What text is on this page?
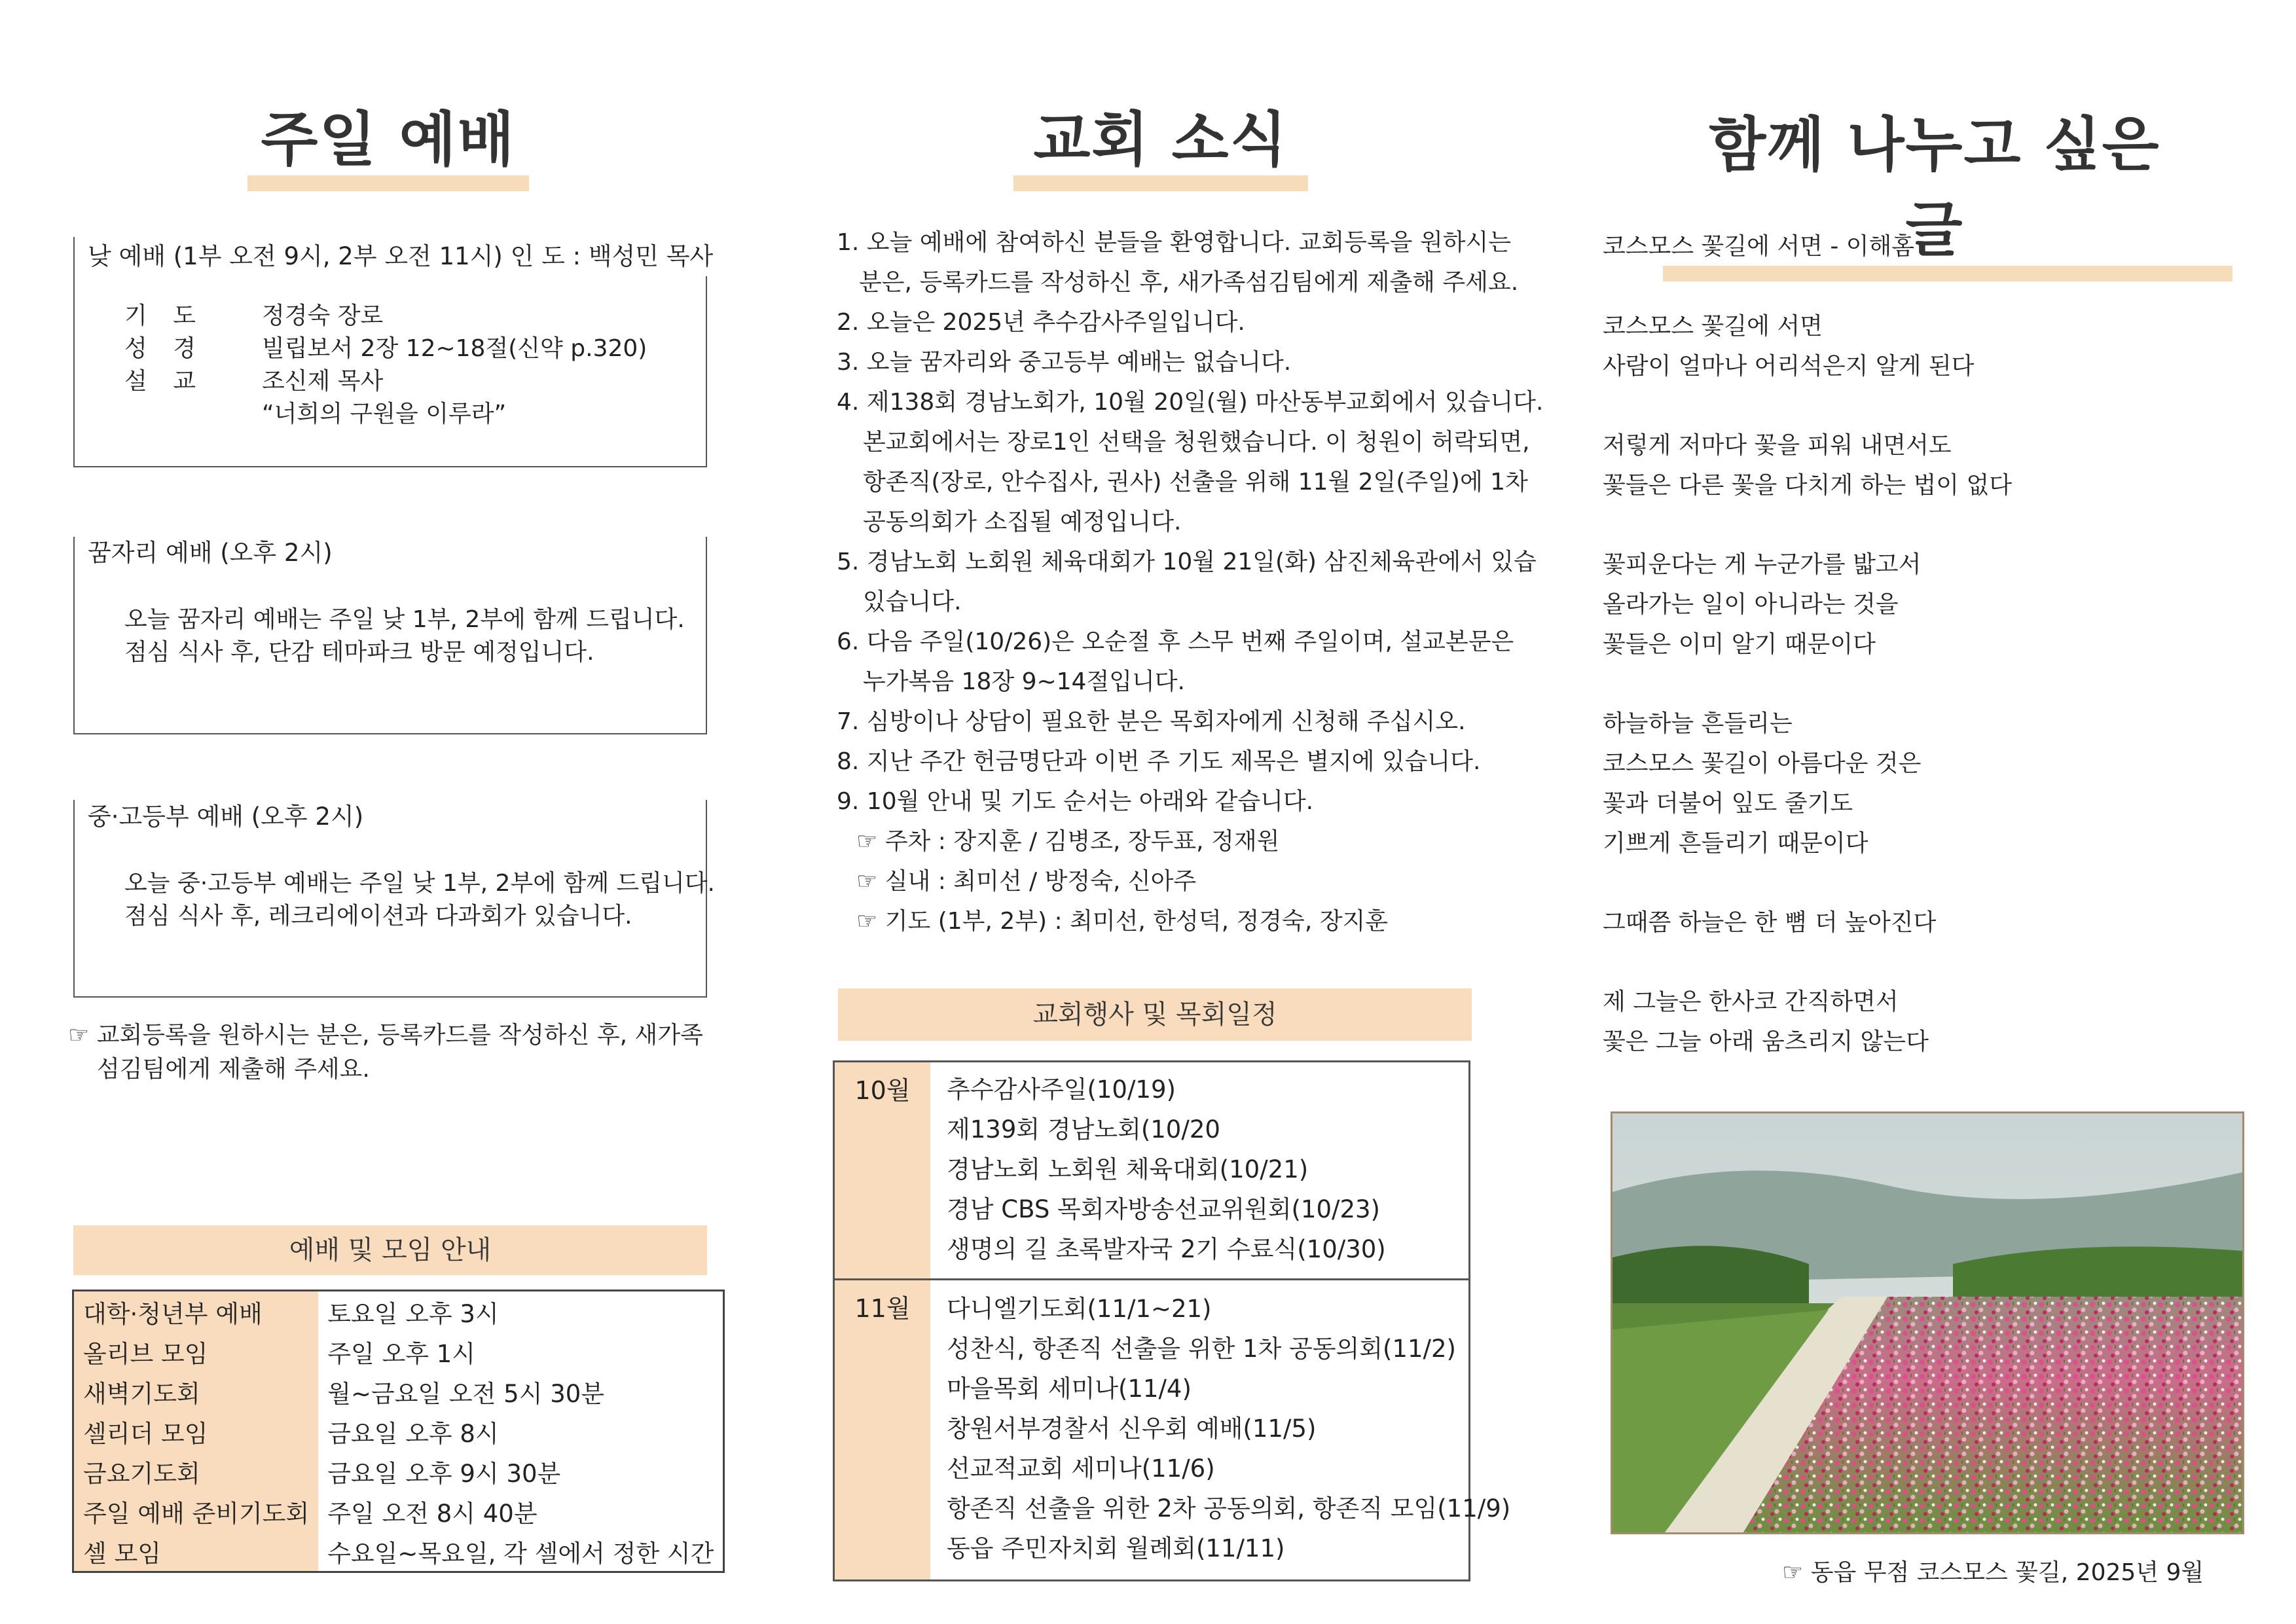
주일 예배
낮 예배 (1부 오전 9시, 2부 오전 11시) 인 도 : 백성민 목사
기 도 정경숙 장로
성 경 빌립보서 2장 12~18절(신약 p.320)
설 교 조신제 목사
“너희의 구원을 이루라”
꿈자리 예배 (오후 2시)
오늘 꿈자리 예배는 주일 낮 1부, 2부에 함께 드립니다.
점심 식사 후, 단감 테마파크 방문 예정입니다.
중·고등부 예배 (오후 2시)
오늘 중·고등부 예배는 주일 낮 1부, 2부에 함께 드립니다.
점심 식사 후, 레크리에이션과 다과회가 있습니다.
☞ 교회등록을 원하시는 분은, 등록카드를 작성하신 후, 새가족
섬김팀에게 제출해 주세요.
예배 및 모임 안내
대학·청년부 예배	토요일 오후 3시
올리브 모임	주일 오후 1시
새벽기도회	월~금요일 오전 5시 30분
셀리더 모임	금요일 오후 8시
금요기도회	금요일 오후 9시 30분
주일 예배 준비기도회	주일 오전 8시 40분
셀 모임	수요일~목요일, 각 셀에서 정한 시간
교회 소식
1. 오늘 예배에 참여하신 분들을 환영합니다. 교회등록을 원하시는
분은, 등록카드를 작성하신 후, 새가족섬김팀에게 제출해 주세요.
2. 오늘은 2025년 추수감사주일입니다.
3. 오늘 꿈자리와 중고등부 예배는 없습니다.
4. 제138회 경남노회가, 10월 20일(월) 마산동부교회에서 있습니다.
본교회에서는 장로1인 선택을 청원했습니다. 이 청원이 허락되면,
항존직(장로, 안수집사, 권사) 선출을 위해 11월 2일(주일)에 1차
공동의회가 소집될 예정입니다.
5. 경남노회 노회원 체육대회가 10월 21일(화) 삼진체육관에서 있습
있습니다.
6. 다음 주일(10/26)은 오순절 후 스무 번째 주일이며, 설교본문은
누가복음 18장 9~14절입니다.
7. 심방이나 상담이 필요한 분은 목회자에게 신청해 주십시오.
8. 지난 주간 헌금명단과 이번 주 기도 제목은 별지에 있습니다.
9. 10월 안내 및 기도 순서는 아래와 같습니다.
☞ 주차 : 장지훈 / 김병조, 장두표, 정재원
☞ 실내 : 최미선 / 방정숙, 신아주
☞ 기도 (1부, 2부) : 최미선, 한성덕, 정경숙, 장지훈
교회행사 및 목회일정
10월	추수감사주일(10/19)
제139회 경남노회(10/20
경남노회 노회원 체육대회(10/21)
경남 CBS 목회자방송선교위원회(10/23)
생명의 길 초록발자국 2기 수료식(10/30)
11월	다니엘기도회(11/1~21)
성찬식, 항존직 선출을 위한 1차 공동의회(11/2)
마을목회 세미나(11/4)
창원서부경찰서 신우회 예배(11/5)
선교적교회 세미나(11/6)
항존직 선출을 위한 2차 공동의회, 항존직 모임(11/9)
동읍 주민자치회 월례회(11/11)
함께 나누고 싶은 글
코스모스 꽃길에 서면 - 이해홈
코스모스 꽃길에 서면
사람이 얼마나 어리석은지 알게 된다
저렇게 저마다 꽃을 피워 내면서도
꽃들은 다른 꽃을 다치게 하는 법이 없다
꽃피운다는 게 누군가를 밟고서
올라가는 일이 아니라는 것을
꽃들은 이미 알기 때문이다
하늘하늘 흔들리는
코스모스 꽃길이 아름다운 것은
꽃과 더불어 잎도 줄기도
기쁘게 흔들리기 때문이다
그때쯤 하늘은 한 뼘 더 높아진다
제 그늘은 한사코 간직하면서
꽃은 그늘 아래 움츠리지 않는다
☞ 동읍 무점 코스모스 꽃길, 2025년 9월
